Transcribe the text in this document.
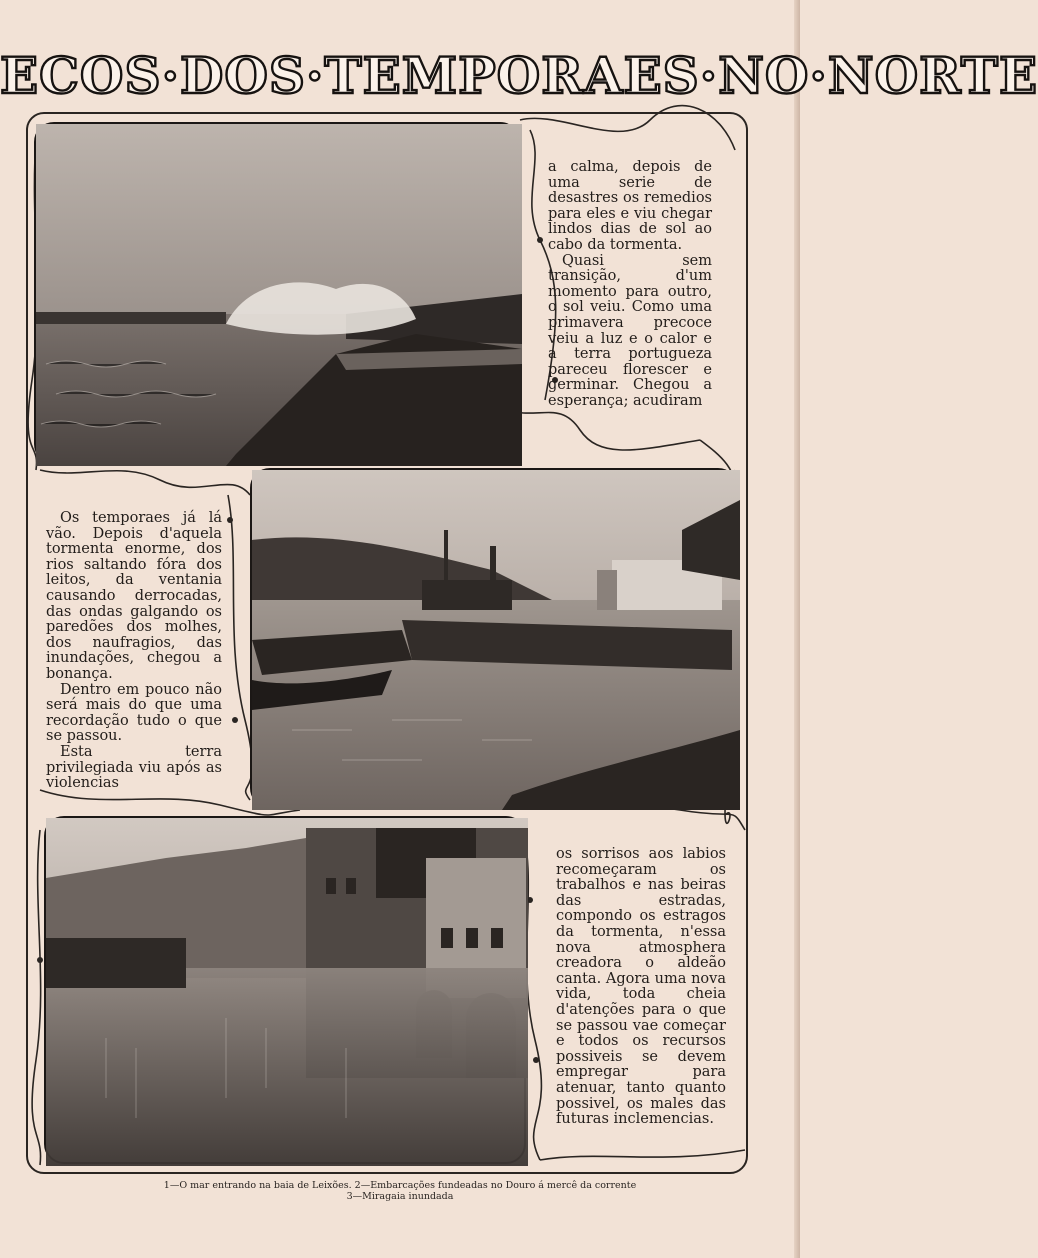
ECOS·DOS·TEMPORAES·NO·NORTE

a calma, depois de uma serie de desastres os remedios para eles e viu chegar lindos dias de sol ao cabo da tormenta.

Quasi sem transição, d'um momento para outro, o sol veiu. Como uma primavera precoce veiu a luz e o calor e a terra portugueza pareceu florescer e germinar. Chegou a esperança; acudiram

Os temporaes já lá vão. Depois d'aquela tormenta enorme, dos rios saltando fóra dos leitos, da ventania causando derrocadas, das ondas galgando os paredões dos molhes, dos naufragios, das inundações, chegou a bonança.

Dentro em pouco não será mais do que uma recordação tudo o que se passou.

Esta terra privilegiada viu após as violencias

os sorrisos aos labios recomeçaram os trabalhos e nas beiras das estradas, compondo os estragos da tormenta, n'essa nova atmosphera creadora o aldeão canta. Agora uma nova vida, toda cheia d'atenções para o que se passou vae começar e todos os recursos possiveis se devem empregar para atenuar, tanto quanto possivel, os males das futuras inclemencias.

1—O mar entrando na baia de Leixões. 2—Embarcações fundeadas no Douro á mercê da corrente
3—Miragaia inundada
